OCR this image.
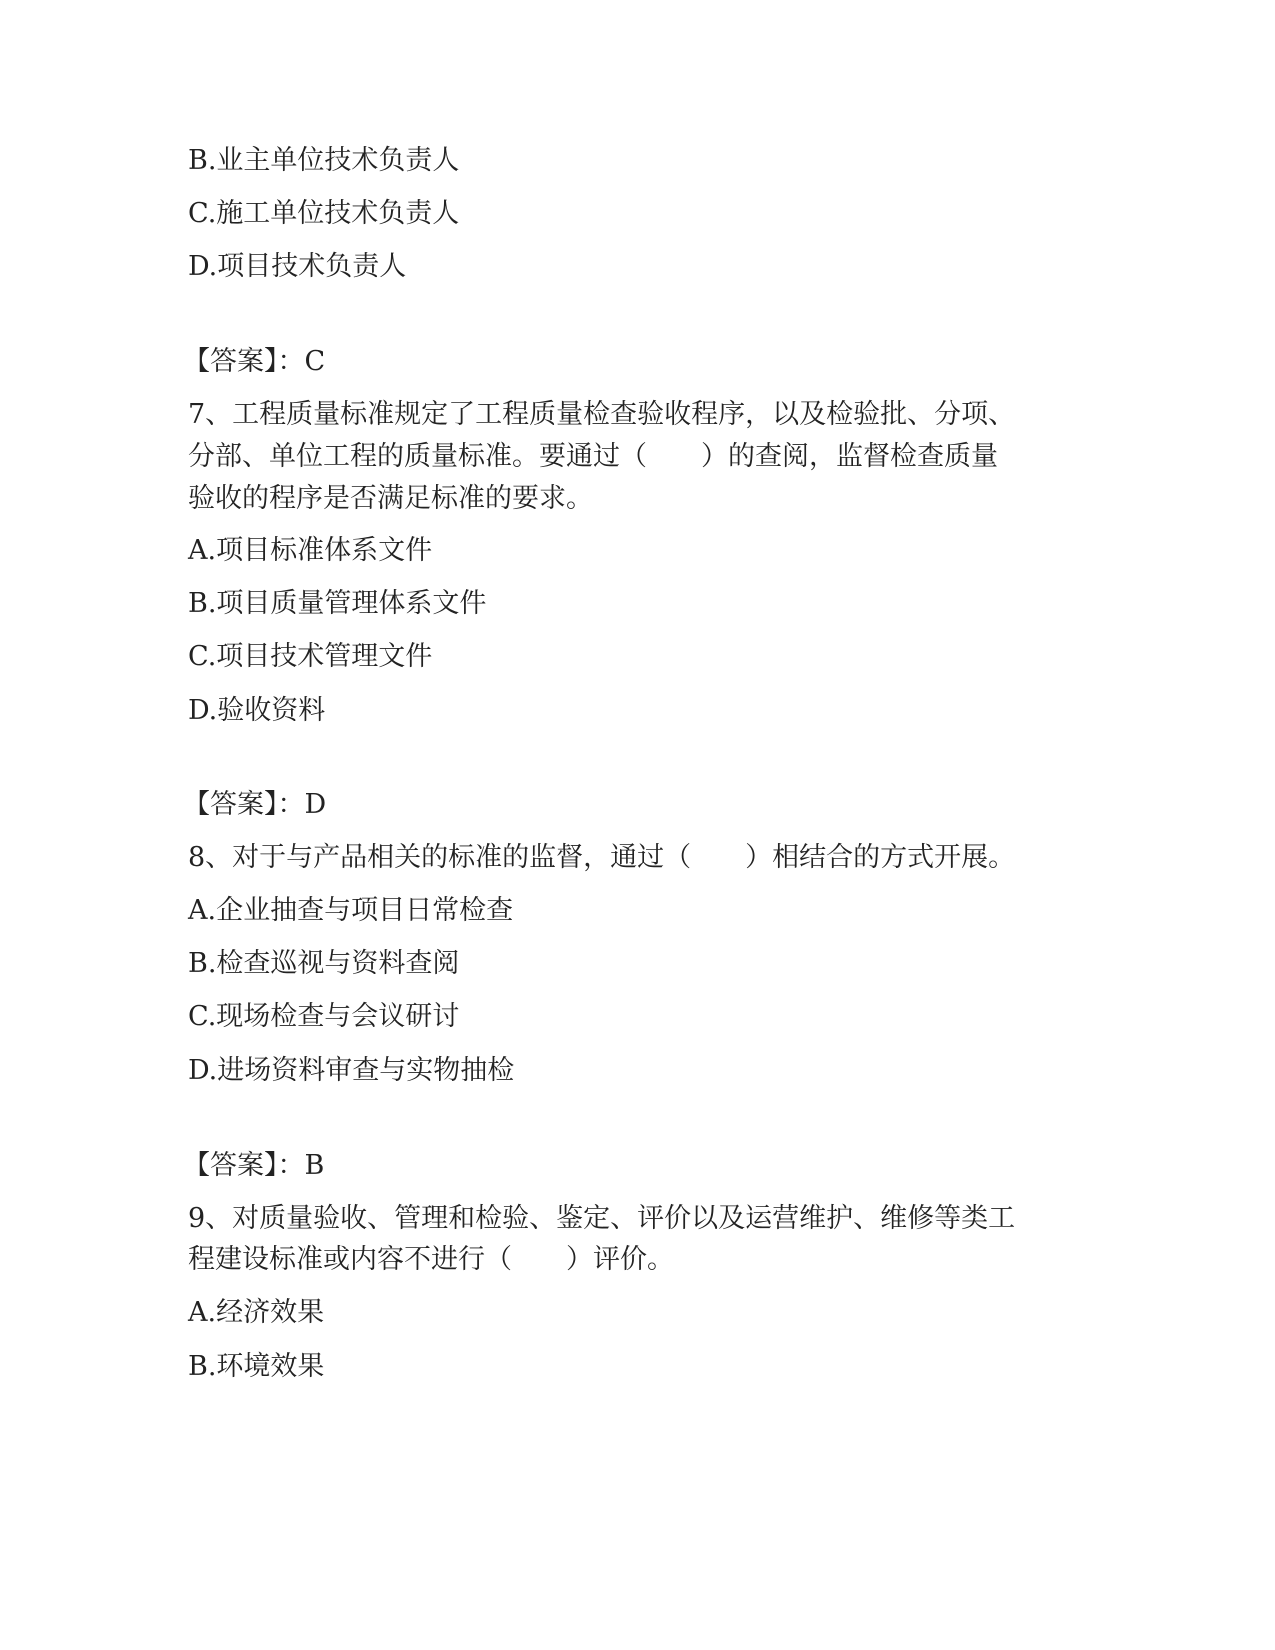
B.业主单位技术负责人

C.施工单位技术负责人

D.项目技术负责人

【答案】：C

7、工程质量标准规定了工程质量检查验收程序，以及检验批、分项、

分部、单位工程的质量标准。要通过（　　）的查阅，监督检查质量

验收的程序是否满足标准的要求。

A.项目标准体系文件

B.项目质量管理体系文件

C.项目技术管理文件

D.验收资料

【答案】：D

8、对于与产品相关的标准的监督，通过（　　）相结合的方式开展。

A.企业抽查与项目日常检查

B.检查巡视与资料查阅

C.现场检查与会议研讨

D.进场资料审查与实物抽检

【答案】：B

9、对质量验收、管理和检验、鉴定、评价以及运营维护、维修等类工

程建设标准或内容不进行（　　）评价。

A.经济效果

B.环境效果
